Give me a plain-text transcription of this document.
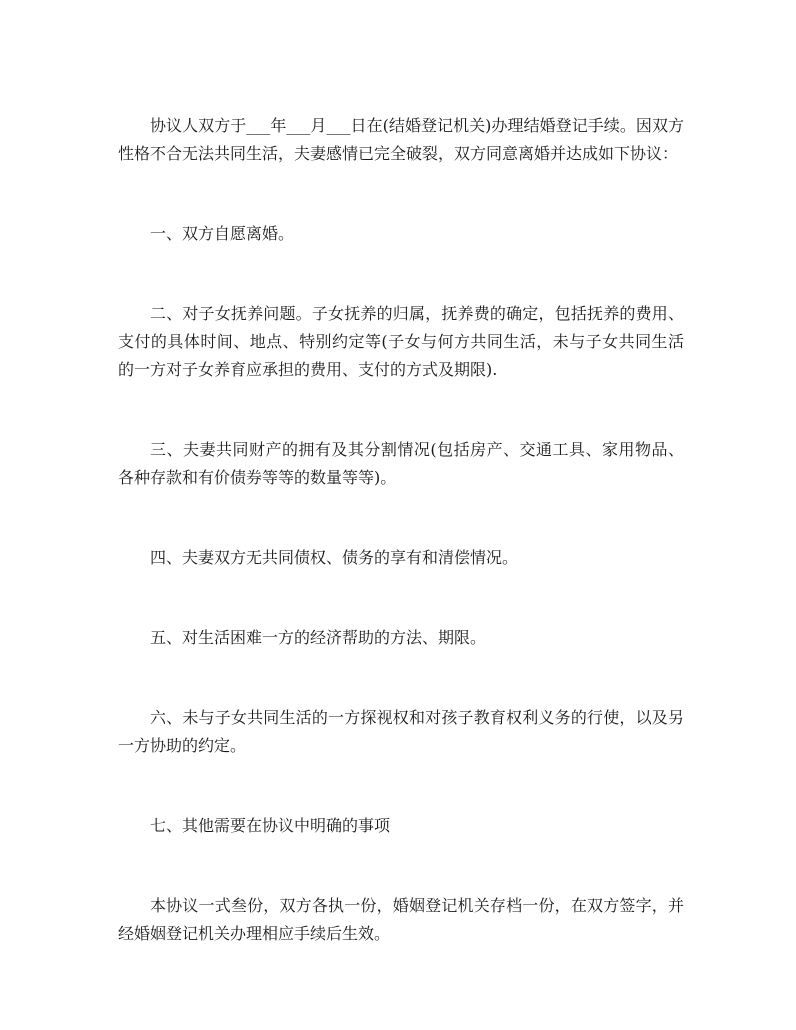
协议人双方于___年___月___日在(结婚登记机关)办理结婚登记手续。因双方性格不合无法共同生活，夫妻感情已完全破裂，双方同意离婚并达成如下协议：

一、双方自愿离婚。

二、对子女抚养问题。子女抚养的归属，抚养费的确定，包括抚养的费用、支付的具体时间、地点、特别约定等(子女与何方共同生活，未与子女共同生活的一方对子女养育应承担的费用、支付的方式及期限).

三、夫妻共同财产的拥有及其分割情况(包括房产、交通工具、家用物品、各种存款和有价债券等等的数量等等)。

四、夫妻双方无共同债权、债务的享有和清偿情况。

五、对生活困难一方的经济帮助的方法、期限。

六、未与子女共同生活的一方探视权和对孩子教育权利义务的行使，以及另一方协助的约定。

七、其他需要在协议中明确的事项

本协议一式叁份，双方各执一份，婚姻登记机关存档一份，在双方签字，并经婚姻登记机关办理相应手续后生效。
